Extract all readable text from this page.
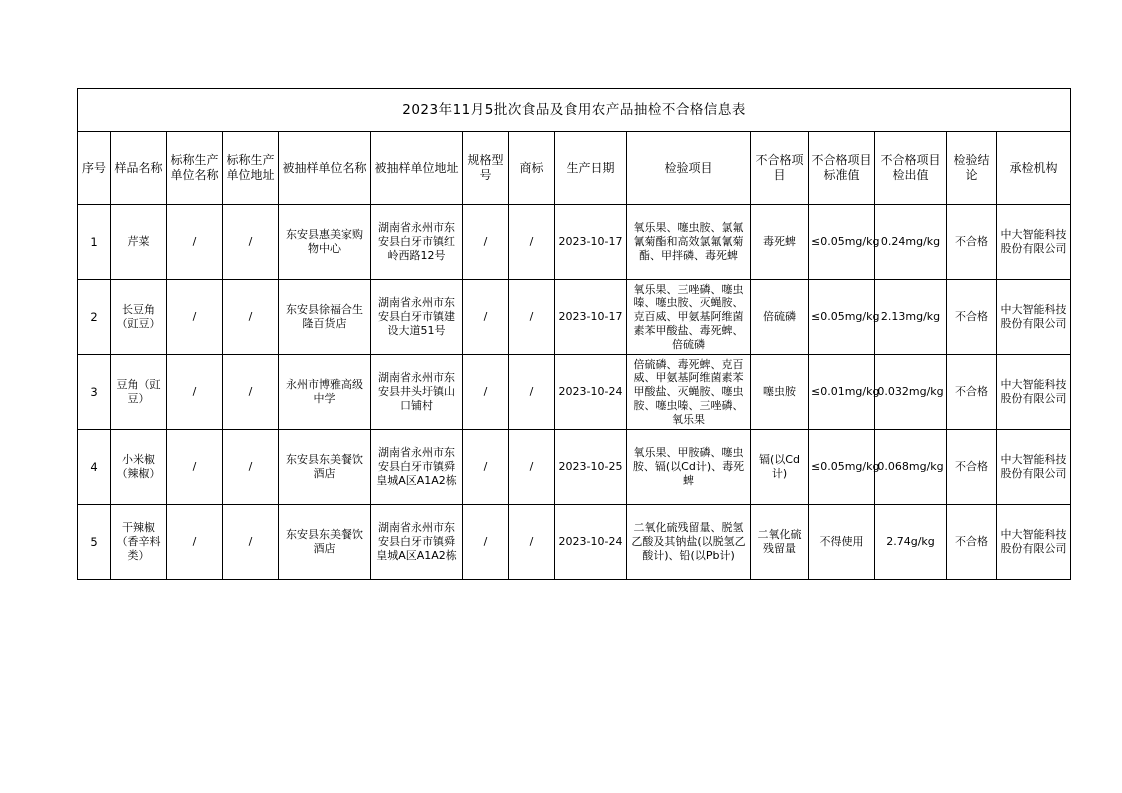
2023年11月5批次食品及食用农产品抽检不合格信息表														
序号	样品名称	标称生产单位名称	标称生产单位地址	被抽样单位名称	被抽样单位地址	规格型号	商标	生产日期	检验项目	不合格项目	不合格项目标准值	不合格项目检出值	检验结论	承检机构
1	芹菜	/	/	东安县惠美家购物中心	湖南省永州市东安县白牙市镇红岭西路12号	/	/	2023-10-17	氧乐果、噻虫胺、氯氟氰菊酯和高效氯氟氰菊酯、甲拌磷、毒死蜱	毒死蜱	≤0.05mg/kg	0.24mg/kg	不合格	中大智能科技股份有限公司
2	长豆角（豇豆）	/	/	东安县徐福合生隆百货店	湖南省永州市东安县白牙市镇建设大道51号	/	/	2023-10-17	氧乐果、三唑磷、噻虫嗪、噻虫胺、灭蝇胺、克百威、甲氨基阿维菌素苯甲酸盐、毒死蜱、倍硫磷	倍硫磷	≤0.05mg/kg	2.13mg/kg	不合格	中大智能科技股份有限公司
3	豆角（豇豆）	/	/	永州市博雅高级中学	湖南省永州市东安县井头圩镇山口铺村	/	/	2023-10-24	倍硫磷、毒死蜱、克百威、甲氨基阿维菌素苯甲酸盐、灭蝇胺、噻虫胺、噻虫嗪、三唑磷、氧乐果	噻虫胺	≤0.01mg/kg	0.032mg/kg	不合格	中大智能科技股份有限公司
4	小米椒（辣椒）	/	/	东安县东美餐饮酒店	湖南省永州市东安县白牙市镇舜皇城A区A1A2栋	/	/	2023-10-25	氧乐果、甲胺磷、噻虫胺、镉(以Cd计)、毒死蜱	镉(以Cd计)	≤0.05mg/kg	0.068mg/kg	不合格	中大智能科技股份有限公司
5	干辣椒（香辛料类）	/	/	东安县东美餐饮酒店	湖南省永州市东安县白牙市镇舜皇城A区A1A2栋	/	/	2023-10-24	二氧化硫残留量、脱氢乙酸及其钠盐(以脱氢乙酸计)、铅(以Pb计)	二氧化硫残留量	不得使用	2.74g/kg	不合格	中大智能科技股份有限公司
